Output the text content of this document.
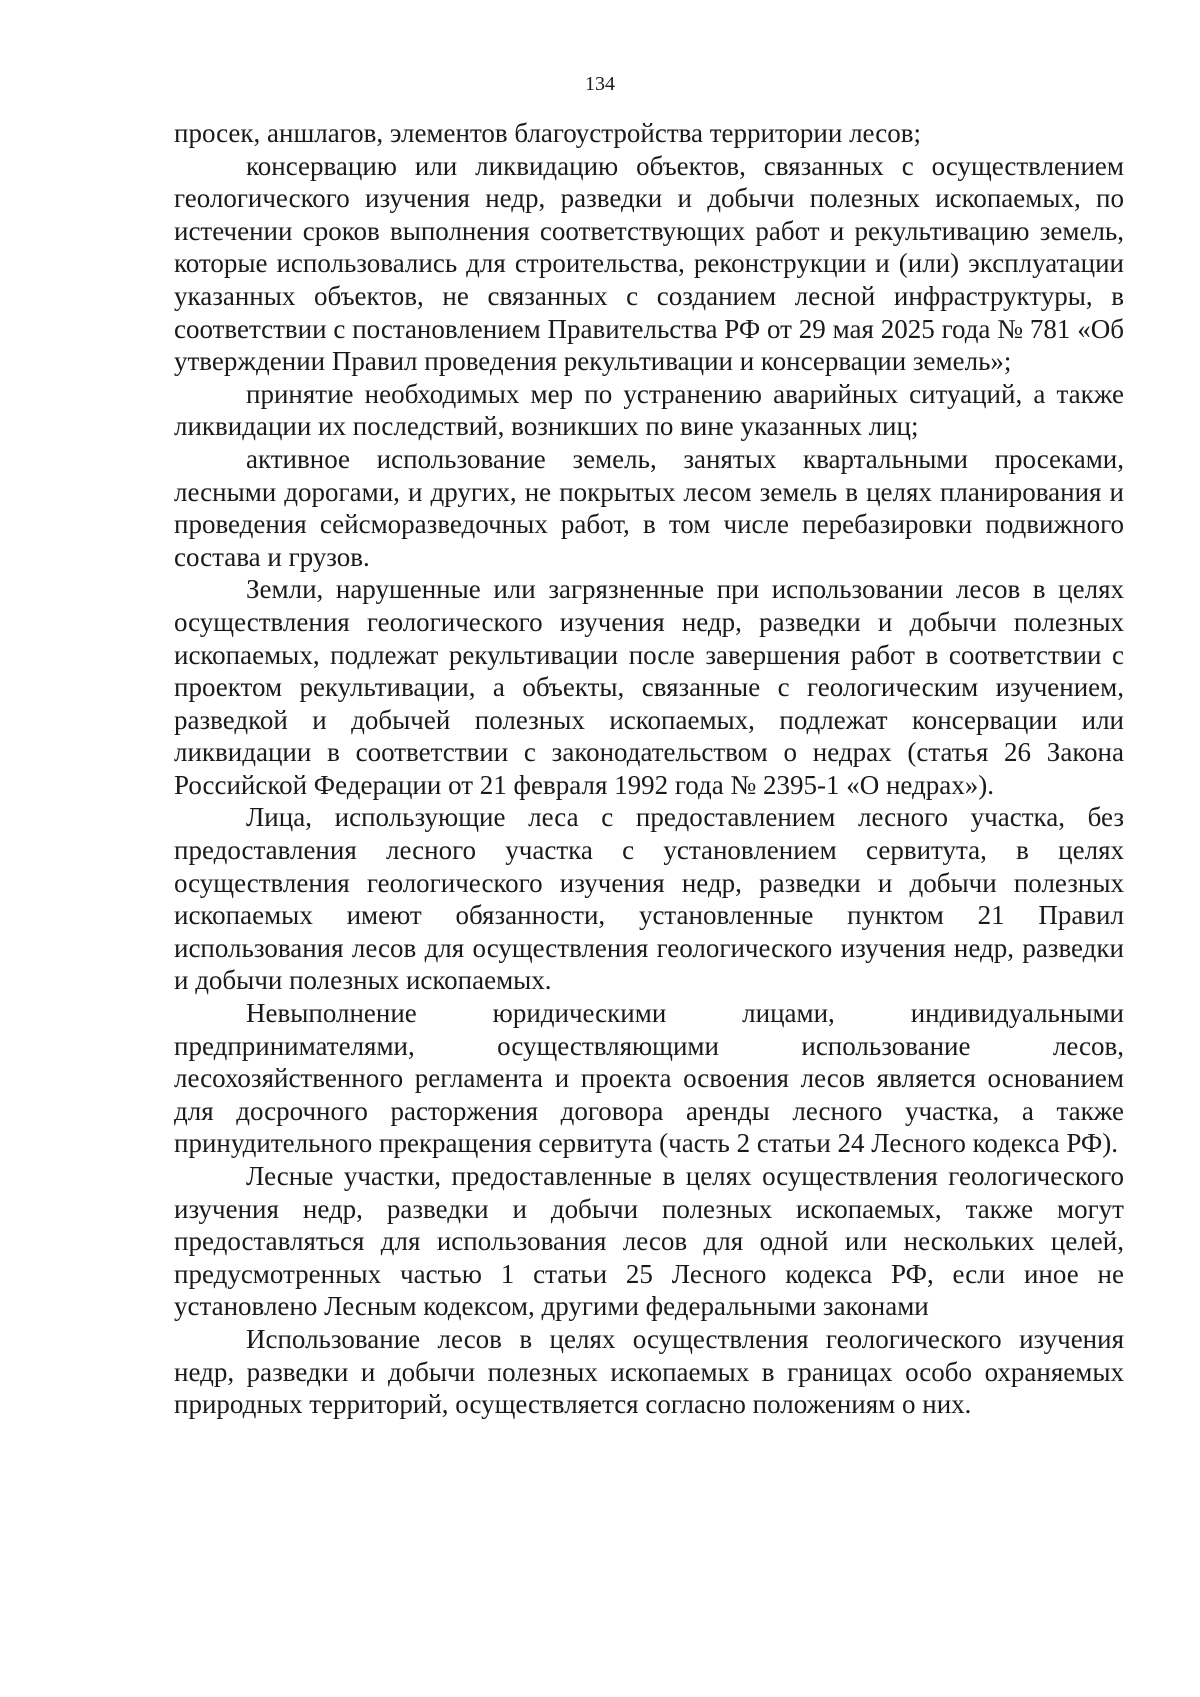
134

просек, аншлагов, элементов благоустройства территории лесов;

консервацию или ликвидацию объектов, связанных с осуществлением геологического изучения недр, разведки и добычи полезных ископаемых, по истечении сроков выполнения соответствующих работ и рекультивацию земель, которые использовались для строительства, реконструкции и (или) эксплуатации указанных объектов, не связанных с созданием лесной инфраструктуры, в соответствии с постановлением Правительства РФ от 29 мая 2025 года № 781 «Об утверждении Правил проведения рекультивации и консервации земель»;

принятие необходимых мер по устранению аварийных ситуаций, а также ликвидации их последствий, возникших по вине указанных лиц;

активное использование земель, занятых квартальными просеками, лесными дорогами, и других, не покрытых лесом земель в целях планирования и проведения сейсморазведочных работ, в том числе перебазировки подвижного состава и грузов.

Земли, нарушенные или загрязненные при использовании лесов в целях осуществления геологического изучения недр, разведки и добычи полезных ископаемых, подлежат рекультивации после завершения работ в соответствии с проектом рекультивации, а объекты, связанные с геологическим изучением, разведкой и добычей полезных ископаемых, подлежат консервации или ликвидации в соответствии с законодательством о недрах (статья 26 Закона Российской Федерации от 21 февраля 1992 года № 2395-1 «О недрах»).

Лица, использующие леса с предоставлением лесного участка, без предоставления лесного участка с установлением сервитута, в целях осуществления геологического изучения недр, разведки и добычи полезных ископаемых имеют обязанности, установленные пунктом 21 Правил использования лесов для осуществления геологического изучения недр, разведки и добычи полезных ископаемых.

Невыполнение юридическими лицами, индивидуальными предпринимателями, осуществляющими использование лесов, лесохозяйственного регламента и проекта освоения лесов является основанием для досрочного расторжения договора аренды лесного участка, а также принудительного прекращения сервитута (часть 2 статьи 24 Лесного кодекса РФ).

Лесные участки, предоставленные в целях осуществления геологического изучения недр, разведки и добычи полезных ископаемых, также могут предоставляться для использования лесов для одной или нескольких целей, предусмотренных частью 1 статьи 25 Лесного кодекса РФ, если иное не установлено Лесным кодексом, другими федеральными законами

Использование лесов в целях осуществления геологического изучения недр, разведки и добычи полезных ископаемых в границах особо охраняемых природных территорий, осуществляется согласно положениям о них.
